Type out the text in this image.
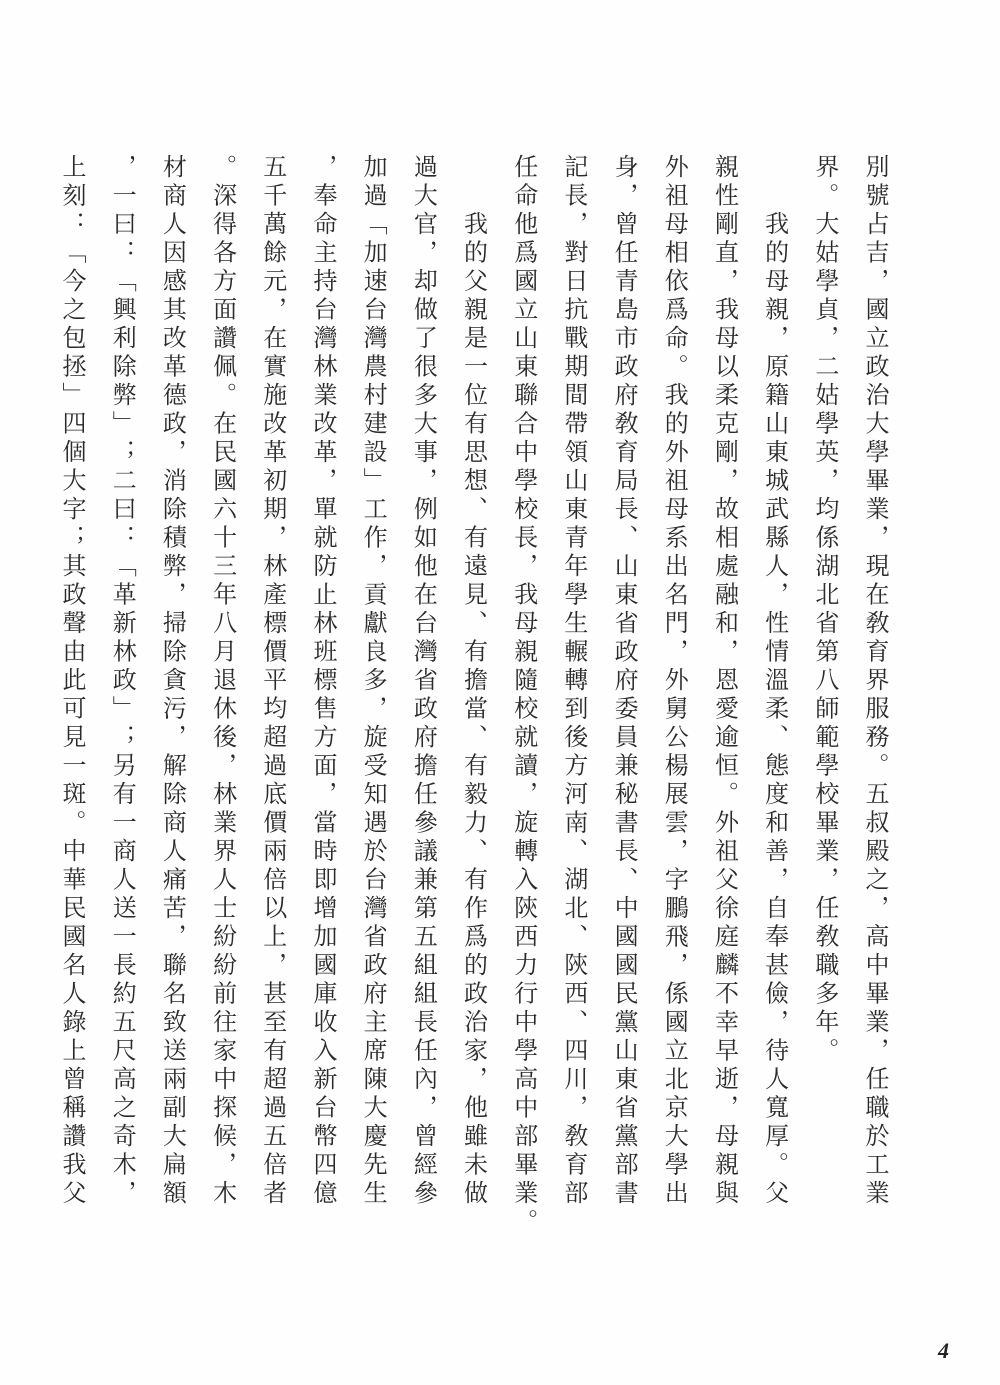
別號占吉，國立政治大學畢業，現在敎育界服務。五叔殿之，高中畢業，任職於工業
界。大姑學貞，二姑學英，均係湖北省第八師範學校畢業，任敎職多年。
我的母親，原籍山東城武縣人，性情溫柔、態度和善，自奉甚儉，待人寬厚。父
親性剛直，我母以柔克剛，故相處融和，恩愛逾恒。外祖父徐庭麟不幸早逝，母親與
外祖母相依爲命。我的外祖母系出名門，外舅公楊展雲，字鵬飛，係國立北京大學出
身，曾任青島市政府敎育局長、山東省政府委員兼秘書長、中國國民黨山東省黨部書
記長，對日抗戰期間帶領山東青年學生輾轉到後方河南、湖北、陝西、四川，敎育部
任命他爲國立山東聯合中學校長，我母親隨校就讀，旋轉入陝西力行中學高中部畢業。
我的父親是一位有思想、有遠見、有擔當、有毅力、有作爲的政治家，他雖未做
過大官，却做了很多大事，例如他在台灣省政府擔任參議兼第五組組長任內，曾經參
加過「加速台灣農村建設」工作，貢獻良多，旋受知遇於台灣省政府主席陳大慶先生
，奉命主持台灣林業改革，單就防止林班標售方面，當時即增加國庫收入新台幣四億
五千萬餘元，在實施改革初期，林產標價平均超過底價兩倍以上，甚至有超過五倍者
。深得各方面讚佩。在民國六十三年八月退休後，林業界人士紛紛前往家中探候，木
材商人因感其改革德政，消除積弊，掃除貪污，解除商人痛苦，聯名致送兩副大扁額
，一曰：「興利除弊」；二曰：「革新林政」；另有一商人送一長約五尺高之奇木，
上刻：「今之包拯」四個大字；其政聲由此可見一斑。中華民國名人錄上曾稱讚我父
4
